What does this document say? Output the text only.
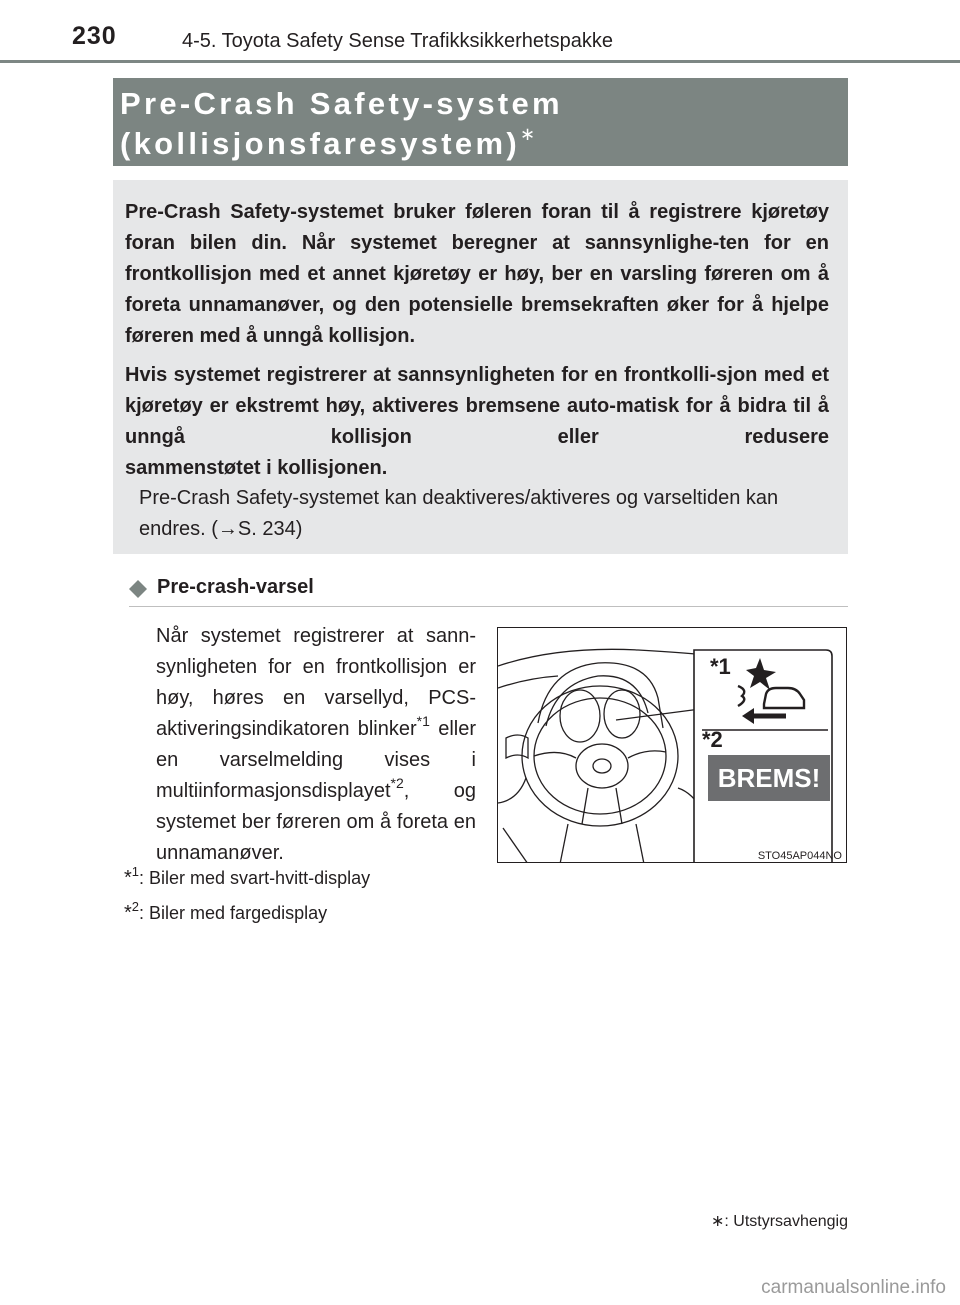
230	4-5. Toyota Safety Sense Trafikksikkerhetspakke
Pre-Crash Safety-system
(kollisjonsfaresystem)∗
Pre-Crash Safety-systemet bruker føleren foran til å registrere kjøretøy foran bilen din. Når systemet beregner at sannsynlighe-ten for en frontkollisjon med et annet kjøretøy er høy, ber en varsling føreren om å foreta unnamanøver, og den potensielle bremsekraften øker for å hjelpe føreren med å unngå kollisjon.
Hvis systemet registrerer at sannsynligheten for en frontkolli-sjon med et kjøretøy er ekstremt høy, aktiveres bremsene auto-matisk for å bidra til å unngå kollisjon eller redusere
sammenstøtet i kollisjonen.
Pre-Crash Safety-systemet kan deaktiveres/aktiveres og varseltiden kan endres. (→S. 234)
Pre-crash-varsel
Når systemet registrerer at sann-synligheten for en frontkollisjon er høy, høres en varsellyd, PCS-aktiveringsindikatoren blinker$^{*1}$ eller en varselmelding vises i multiinformasjonsdisplayet$^{*2}$, og systemet ber føreren om å foreta en unnamanøver.
*1
*2
BREMS!
STO45AP044NO
*$^1$: Biler med svart-hvitt-display
*$^2$: Biler med fargedisplay
∗: Utstyrsavhengig
carmanualsonline.info
